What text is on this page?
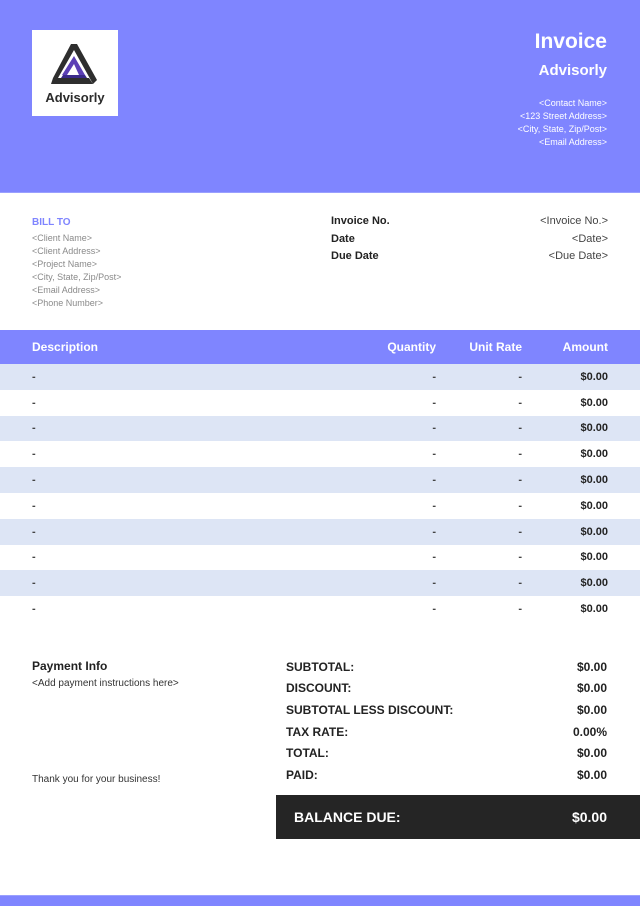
Advisorly
Invoice
Advisorly
<Contact Name>
<123 Street Address>
<City, State, Zip/Post>
<Email Address>
BILL TO
<Client Name>
<Client Address>
<Project Name>
<City, State, Zip/Post>
<Email Address>
<Phone Number>
Invoice No.	<Invoice No.>
Date	<Date>
Due Date	<Due Date>
Description	Quantity	Unit Rate	Amount
-	-	-	$0.00
-	-	-	$0.00
-	-	-	$0.00
-	-	-	$0.00
-	-	-	$0.00
-	-	-	$0.00
-	-	-	$0.00
-	-	-	$0.00
-	-	-	$0.00
-	-	-	$0.00
Payment Info
<Add payment instructions here>
Thank you for your business!
SUBTOTAL:	$0.00
DISCOUNT:	$0.00
SUBTOTAL LESS DISCOUNT:	$0.00
TAX RATE:	0.00%
TOTAL:	$0.00
PAID:	$0.00
BALANCE DUE:	$0.00
